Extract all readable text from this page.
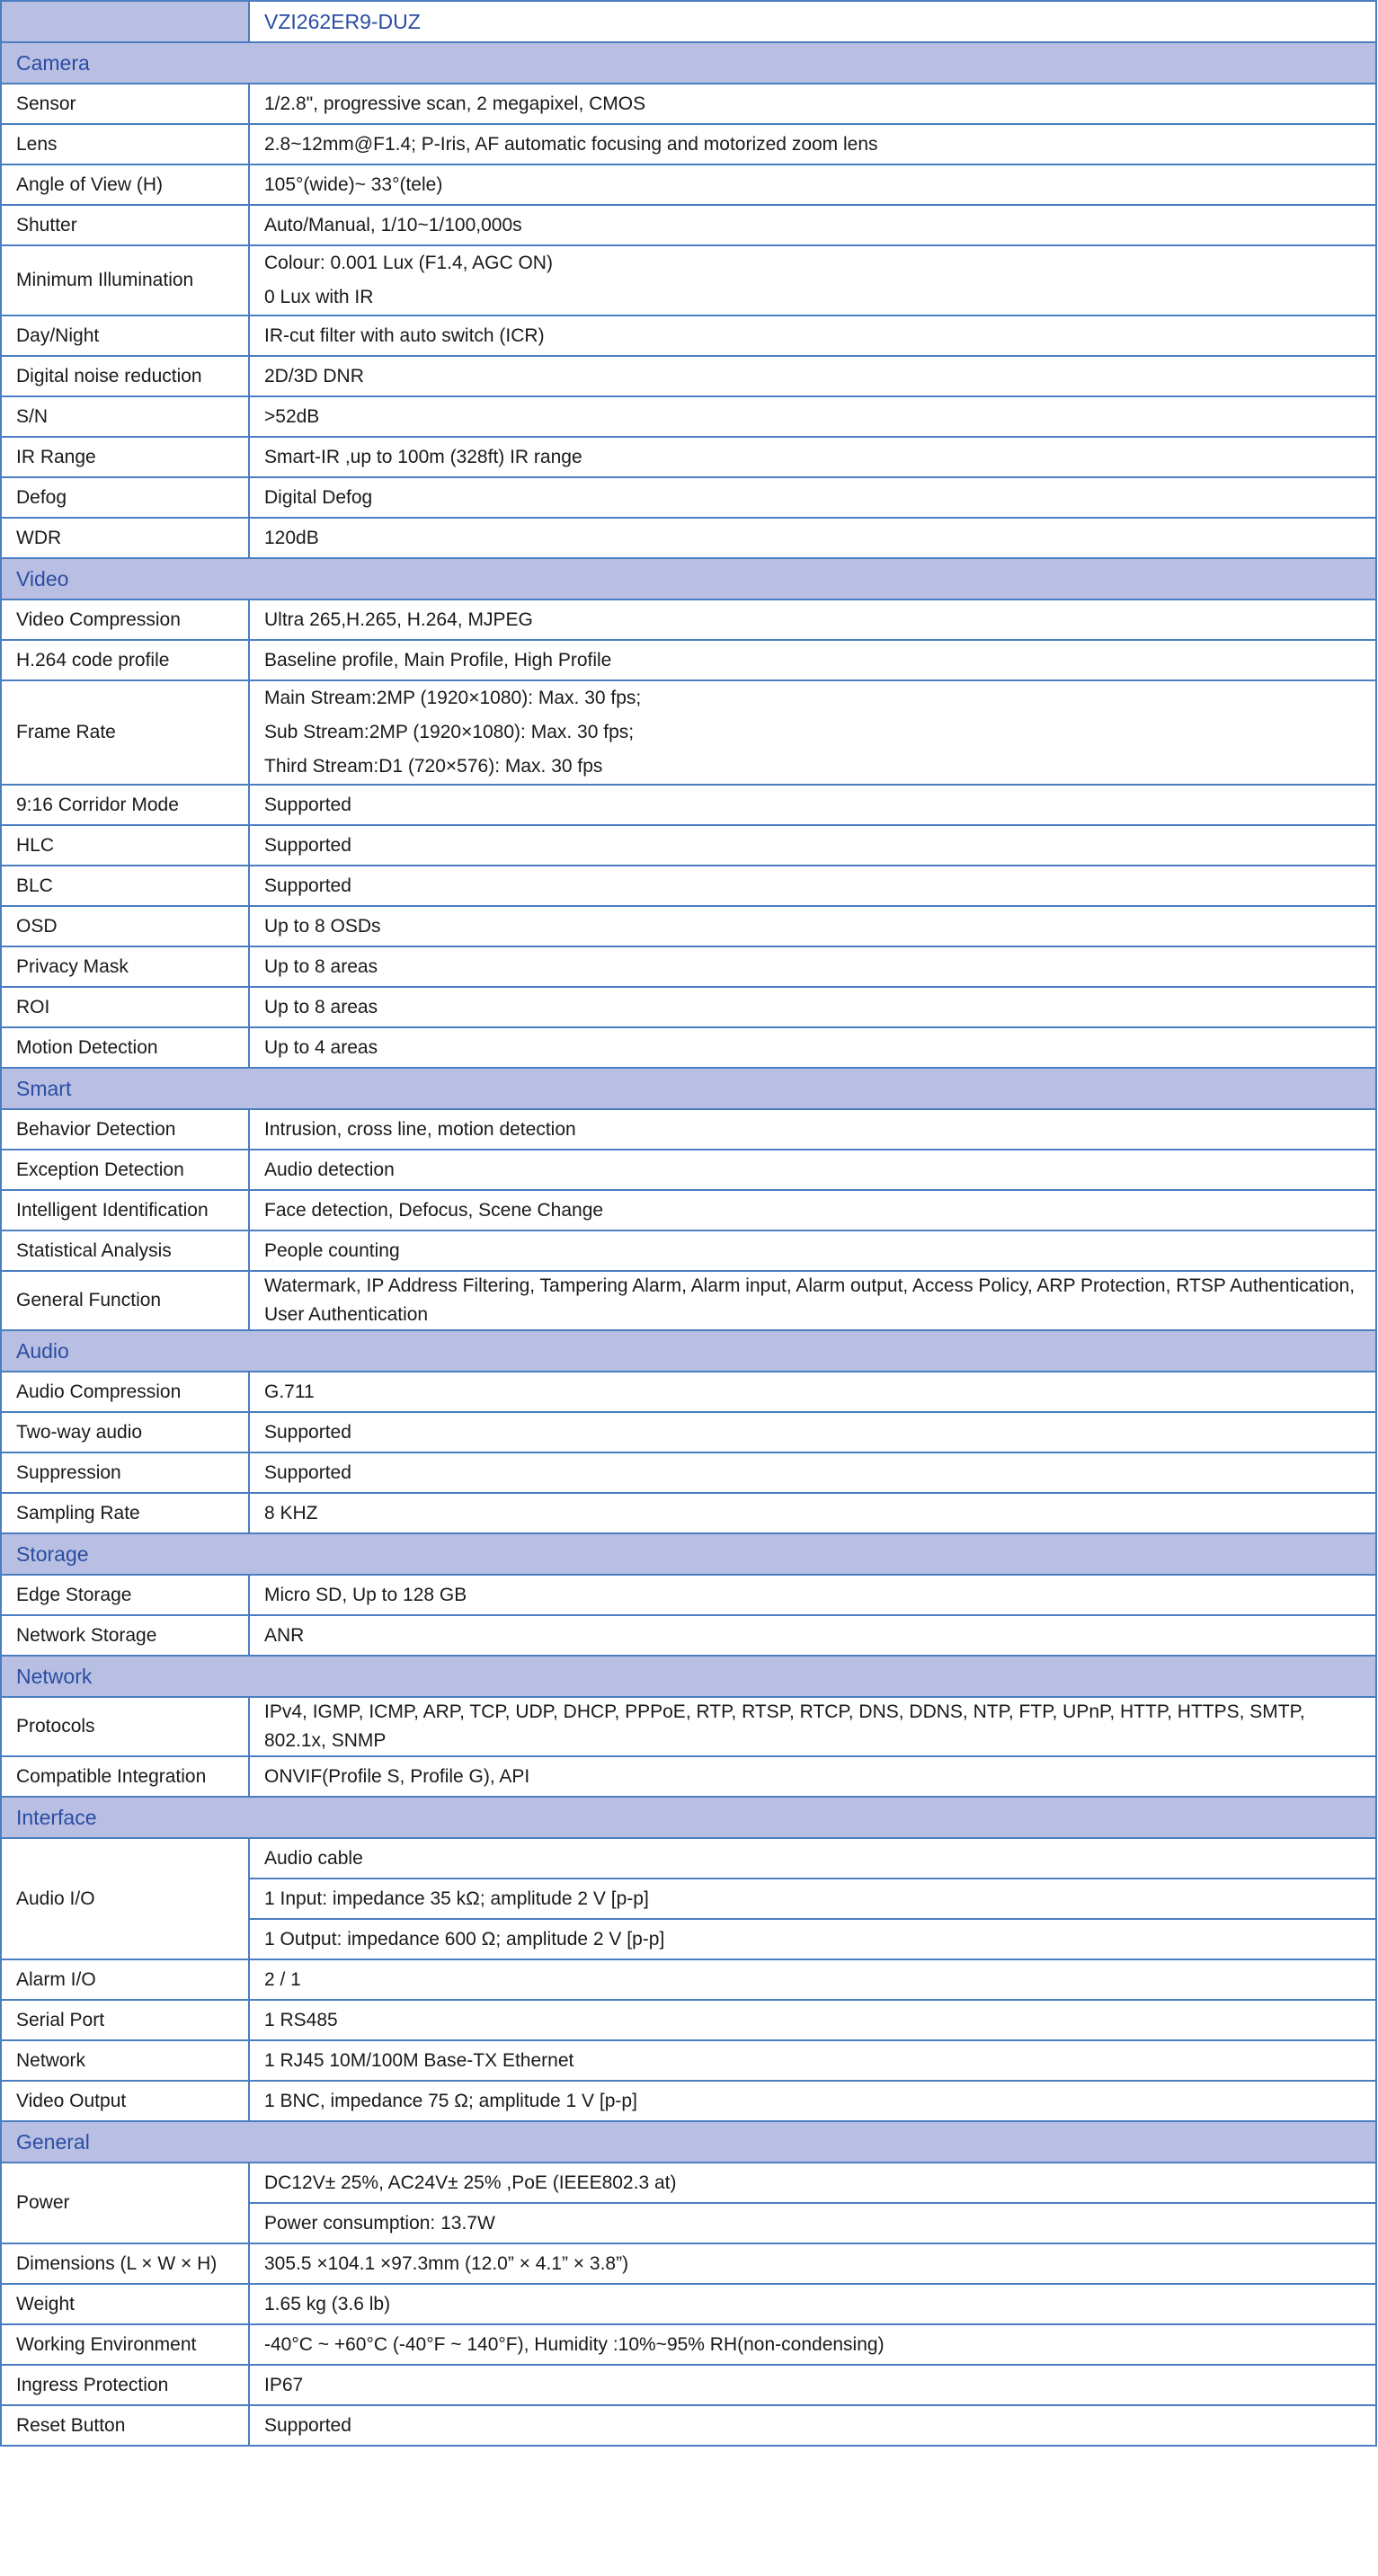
	VZI262ER9-DUZ
Camera	
Sensor	1/2.8", progressive scan, 2 megapixel, CMOS
Lens	2.8~12mm@F1.4; P-Iris, AF automatic focusing and motorized zoom lens
Angle of View (H)	105°(wide)~ 33°(tele)
Shutter	Auto/Manual, 1/10~1/100,000s
Minimum Illumination	Colour: 0.001 Lux (F1.4, AGC ON)
0 Lux with IR

Day/Night	IR-cut filter with auto switch (ICR)
Digital noise reduction	2D/3D DNR
S/N	>52dB
IR Range	Smart-IR ,up to 100m (328ft) IR range
Defog	Digital Defog
WDR	120dB
Video	
Video Compression	Ultra 265,H.265, H.264, MJPEG
H.264 code profile	Baseline profile, Main Profile, High Profile
Frame Rate	Main Stream:2MP (1920×1080): Max. 30 fps;
Sub Stream:2MP (1920×1080): Max. 30 fps;
Third Stream:D1 (720×576): Max. 30 fps

9:16 Corridor Mode	Supported
HLC	Supported
BLC	Supported
OSD	Up to 8 OSDs
Privacy Mask	Up to 8 areas
ROI	Up to 8 areas
Motion Detection	Up to 4 areas
Smart	
Behavior Detection	Intrusion, cross line, motion detection
Exception Detection	Audio detection
Intelligent Identification	Face detection, Defocus, Scene Change
Statistical Analysis	People counting
General Function	Watermark, IP Address Filtering, Tampering Alarm, Alarm input, Alarm output, Access Policy, ARP Protection, RTSP Authentication, User Authentication
Audio	
Audio Compression	G.711
Two-way audio	Supported
Suppression	Supported
Sampling Rate	8 KHZ
Storage	
Edge Storage	Micro SD, Up to 128 GB
Network Storage	ANR
Network	
Protocols	IPv4, IGMP, ICMP, ARP, TCP, UDP, DHCP, PPPoE, RTP, RTSP, RTCP, DNS, DDNS, NTP, FTP, UPnP, HTTP, HTTPS, SMTP, 802.1x, SNMP
Compatible Integration	ONVIF(Profile S, Profile G), API
Interface	
Audio I/O	Audio cable
	1 Input: impedance 35 kΩ; amplitude 2 V [p-p]
	1 Output: impedance 600 Ω; amplitude 2 V [p-p]
Alarm I/O	2 / 1
Serial Port	1 RS485
Network	1 RJ45 10M/100M Base-TX Ethernet
Video Output	1 BNC, impedance 75 Ω; amplitude 1 V [p-p]
General	
Power	DC12V± 25%, AC24V± 25% ,PoE (IEEE802.3 at)
	Power consumption: 13.7W
Dimensions (L × W × H)	305.5 ×104.1 ×97.3mm (12.0” × 4.1” × 3.8”)
Weight	1.65 kg (3.6 lb)
Working Environment	-40°C ~ +60°C (-40°F ~ 140°F), Humidity :10%~95% RH(non-condensing)
Ingress Protection	IP67
Reset Button	Supported
